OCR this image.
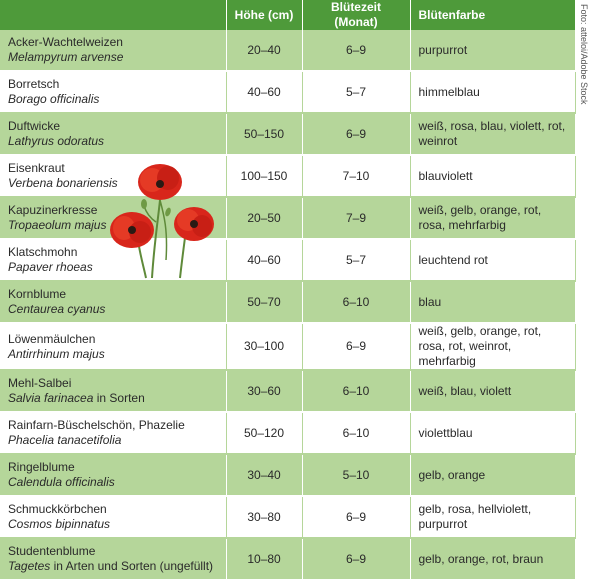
	Höhe (cm)	Blütezeit (Monat)	Blütenfarbe

Acker-Wachtelweizen
Melampyrum arvense	20–40	6–9	purpurrot

Borretsch
Borago officinalis	40–60	5–7	himmelblau

Duftwicke
Lathyrus odoratus	50–150	6–9	weiß, rosa, blau, violett, rot, weinrot

Eisenkraut
Verbena bonariensis	100–150	7–10	blauviolett

Kapuzinerkresse
Tropaeolum majus	20–50	7–9	weiß, gelb, orange, rot, rosa, mehrfarbig

Klatschmohn
Papaver rhoeas	40–60	5–7	leuchtend rot

Kornblume
Centaurea cyanus	50–70	6–10	blau

Löwenmäulchen
Antirrhinum majus	30–100	6–9	weiß, gelb, orange, rot, rosa, rot, weinrot, mehrfarbig

Mehl-Salbei
Salvia farinacea in Sorten	30–60	6–10	weiß, blau, violett

Rainfarn-Büschelschön, Phazelie
Phacelia tanacetifolia	50–120	6–10	violettblau

Ringelblume
Calendula officinalis	30–40	5–10	gelb, orange

Schmuckkörbchen
Cosmos bipinnatus	30–80	6–9	gelb, rosa, hellviolett, purpurrot

Studentenblume
Tagetes in Arten und Sorten (ungefüllt)	10–80	6–9	gelb, orange, rot, braun
Foto: atteloi/Adobe Stock
